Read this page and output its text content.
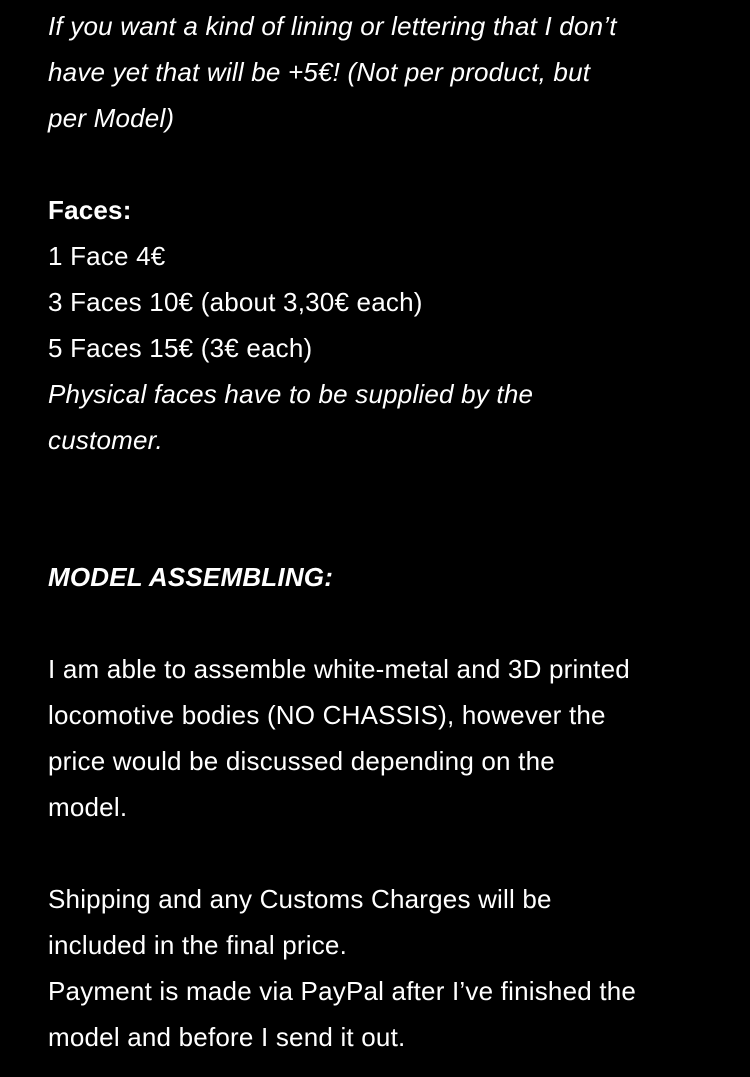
If you want a kind of lining or lettering that I don’t
have yet that will be +5€! (Not per product, but
per Model)
Faces:
1 Face 4€
3 Faces 10€ (about 3,30€ each)
5 Faces 15€ (3€ each)
Physical faces have to be supplied by the
customer.
MODEL ASSEMBLING:
I am able to assemble white-metal and 3D printed
locomotive bodies (NO CHASSIS), however the
price would be discussed depending on the
model.
Shipping and any Customs Charges will be
included in the final price.
Payment is made via PayPal after I’ve finished the
model and before I send it out.
